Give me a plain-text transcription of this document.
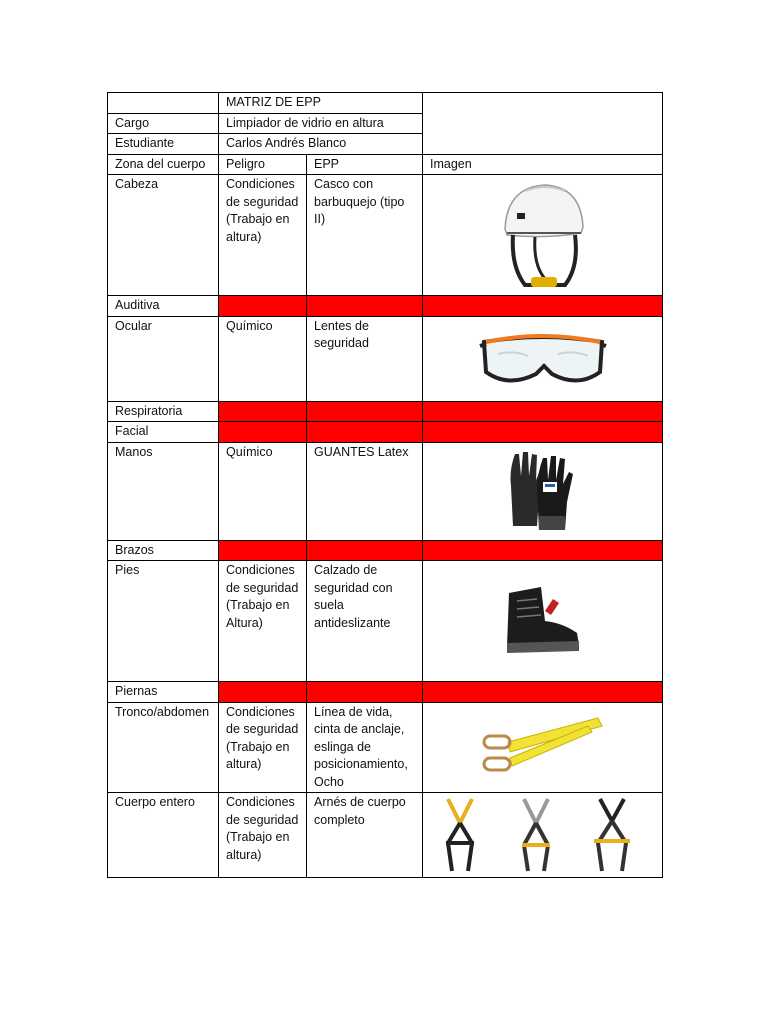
	MATRIZ DE EPP		
Cargo	Limpiador de vidrio en altura		
Estudiante	Carlos Andrés Blanco		
Zona del cuerpo	Peligro	EPP	Imagen
Cabeza	Condiciones de seguridad (Trabajo en altura)	Casco con barbuquejo (tipo II)	

Auditiva			
Ocular	Químico	Lentes de seguridad	

Respiratoria			
Facial			
Manos	Químico	GUANTES Latex	

Brazos			
Pies	Condiciones de seguridad (Trabajo en Altura)	Calzado de seguridad con suela antideslizante	

Piernas			
Tronco/abdomen	Condiciones de seguridad (Trabajo en altura)	Línea de vida, cinta de anclaje, eslinga de posicionamiento, Ocho	

Cuerpo entero	Condiciones de seguridad (Trabajo en altura)	Arnés de cuerpo completo	
